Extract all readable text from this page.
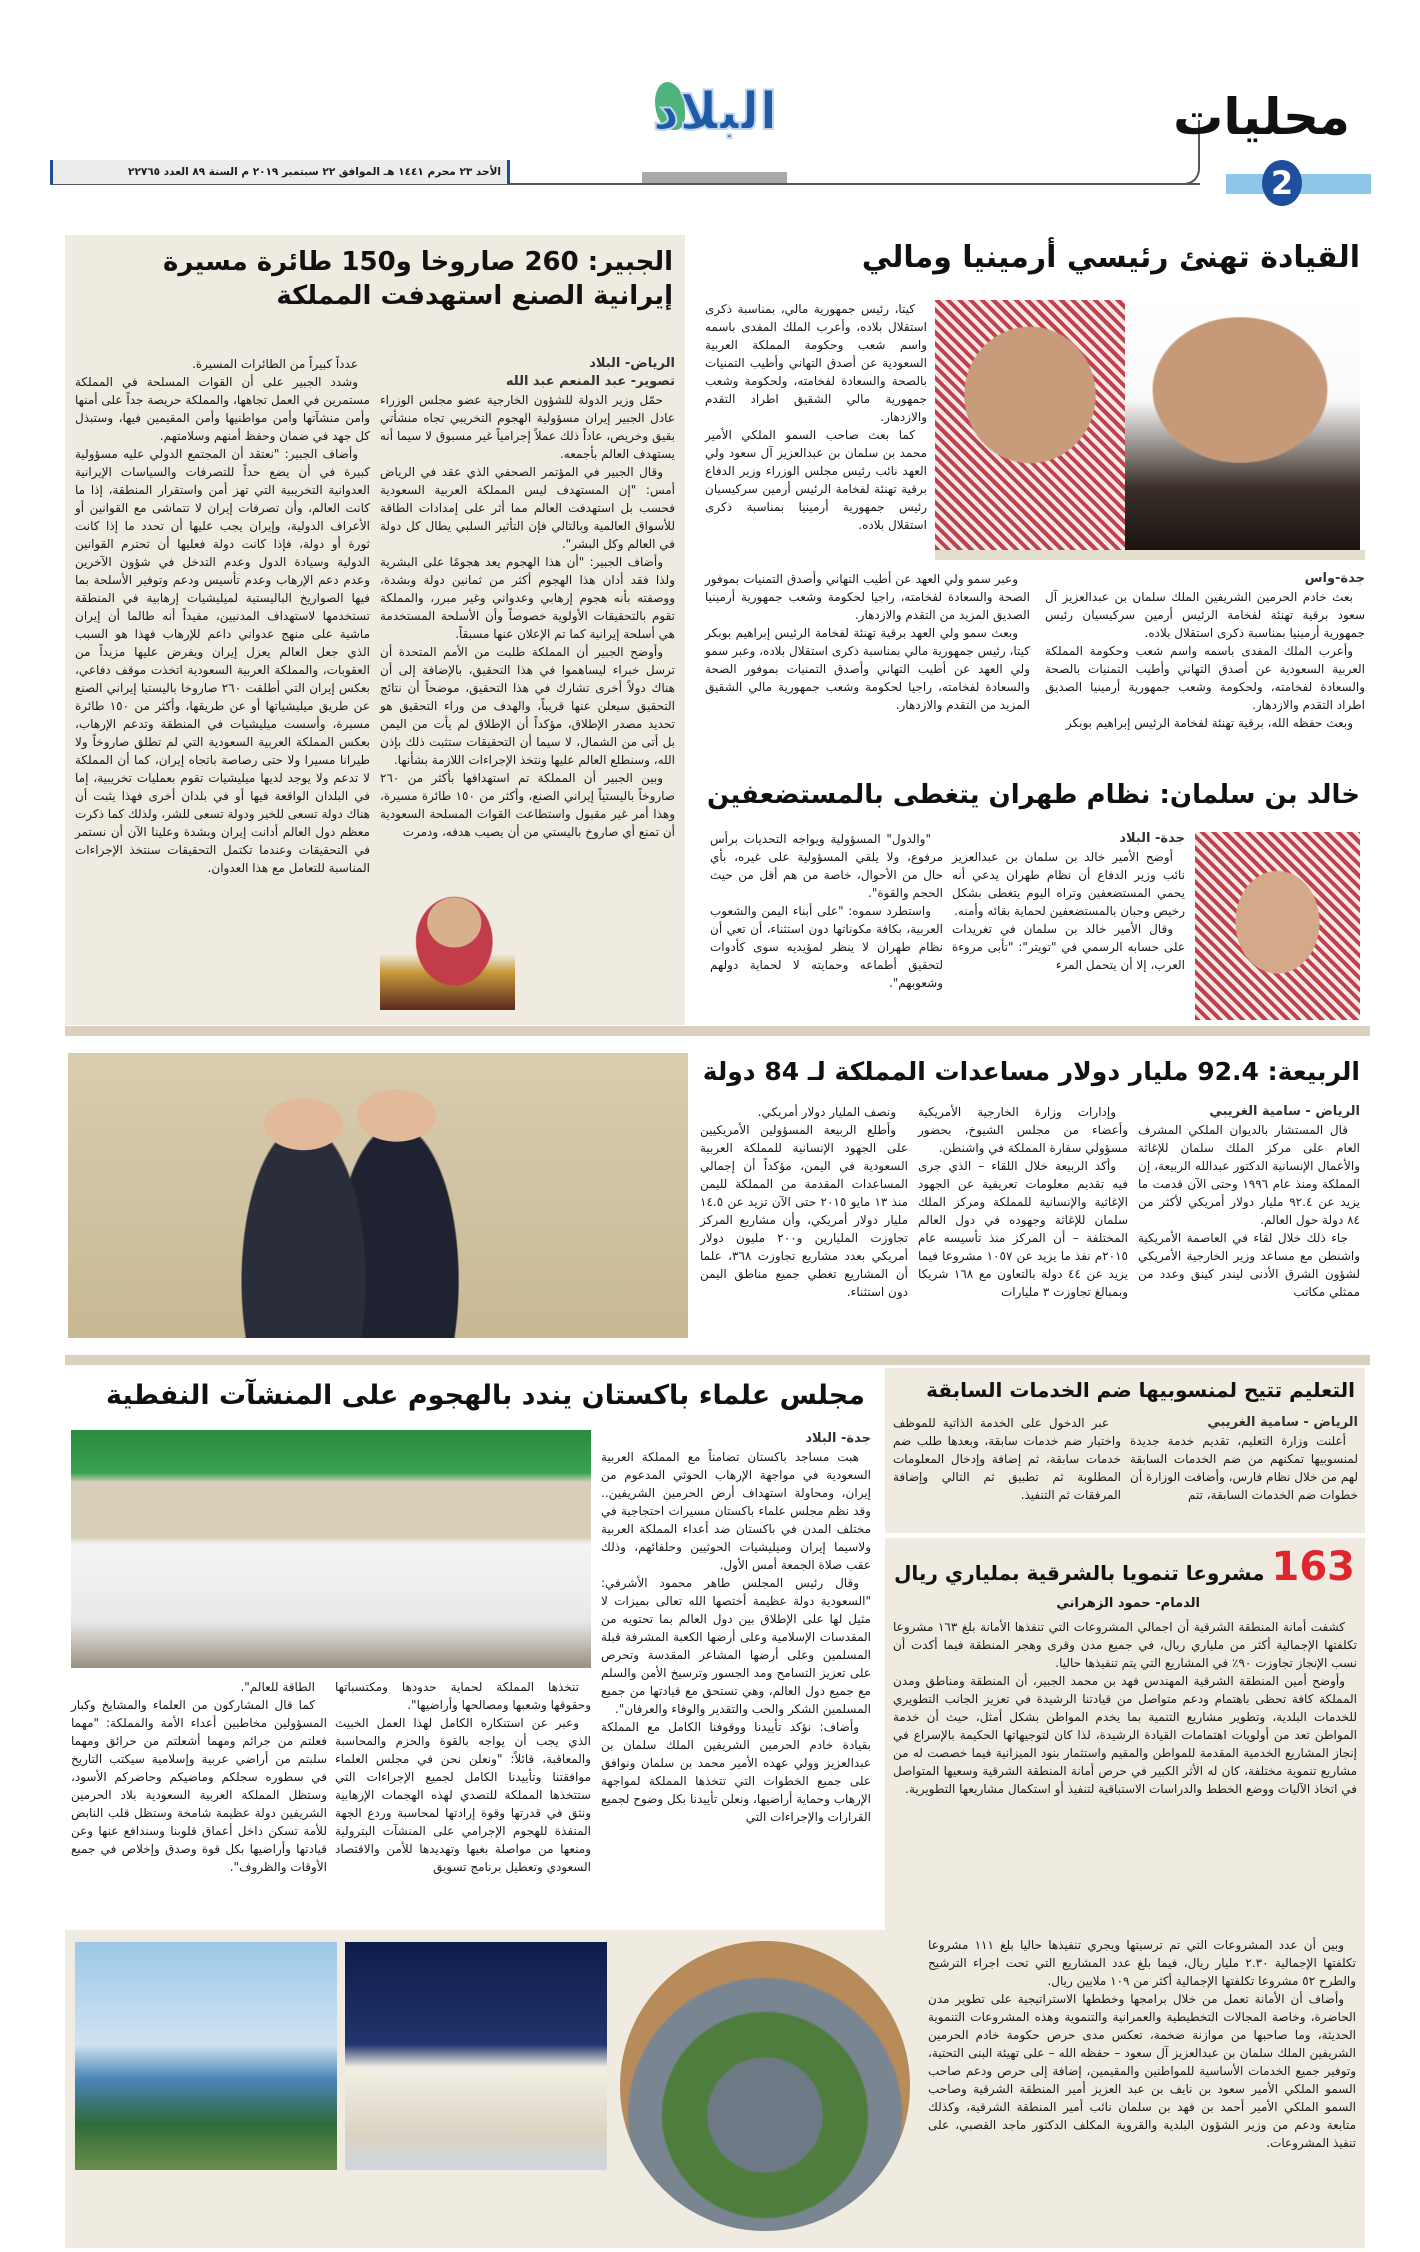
محليات
2
البلاد
الأحد ٢٣ محرم ١٤٤١ هـ الموافق ٢٢ سبتمبر ٢٠١٩ م السنة ٨٩ العدد ٢٢٧٦٥
القيادة تهنئ رئيسي أرمينيا ومالي

كيتا، رئيس جمهورية مالي، بمناسبة ذكرى استقلال بلاده، وأعرب الملك المفدى باسمه واسم شعب وحكومة المملكة العربية السعودية عن أصدق التهاني وأطيب التمنيات بالصحة والسعادة لفخامته، ولحكومة وشعب جمهورية مالي الشقيق اطراد التقدم والازدهار.

كما بعث صاحب السمو الملكي الأمير محمد بن سلمان بن عبدالعزيز آل سعود ولي العهد نائب رئيس مجلس الوزراء وزير الدفاع برقية تهنئة لفخامة الرئيس أرمين سركيسيان رئيس جمهورية أرمينيا بمناسبة ذكرى استقلال بلاده.

جدة-واس

بعث خادم الحرمين الشريفين الملك سلمان بن عبدالعزيز آل سعود برقية تهنئة لفخامة الرئيس أرمين سركيسيان رئيس جمهورية أرمينيا بمناسبة ذكرى استقلال بلاده.

وأعرب الملك المفدى باسمه واسم شعب وحكومة المملكة العربية السعودية عن أصدق التهاني وأطيب التمنيات بالصحة والسعادة لفخامته، ولحكومة وشعب جمهورية أرمينيا الصديق اطراد التقدم والازدهار.

وبعث حفظه الله، برقية تهنئة لفخامة الرئيس إبراهيم بوبكر

وعبر سمو ولي العهد عن أطيب التهاني وأصدق التمنيات بموفور الصحة والسعادة لفخامته، راجيا لحكومة وشعب جمهورية أرمينيا الصديق المزيد من التقدم والازدهار.

وبعث سمو ولي العهد برقية تهنئة لفخامة الرئيس إبراهيم بوبكر كيتا، رئيس جمهورية مالي بمناسبة ذكرى استقلال بلاده، وعبر سمو ولي العهد عن أطيب التهاني وأصدق التمنيات بموفور الصحة والسعادة لفخامته، راجيا لحكومة وشعب جمهورية مالي الشقيق المزيد من التقدم والازدهار.

الجبير: 260 صاروخا و150 طائرة مسيرة إيرانية الصنع استهدفت المملكة

الرياض- البلاد

تصوير- عبد المنعم عبد الله

حمّل وزير الدولة للشؤون الخارجية عضو مجلس الوزراء عادل الجبير إيران مسؤولية الهجوم التخريبي تجاه منشأتي بقيق وخريص، عاداً ذلك عملاً إجرامياً غير مسبوق لا سيما أنه يستهدف العالم بأجمعه.

وقال الجبير في المؤتمر الصحفي الذي عقد في الرياض أمس: "إن المستهدف ليس المملكة العربية السعودية فحسب بل استهدفت العالم مما أثر على إمدادات الطاقة للأسواق العالمية وبالتالي فإن التأثير السلبي يطال كل دولة في العالم وكل البشر".

وأضاف الجبير: "أن هذا الهجوم يعد هجومًا على البشرية ولذا فقد أدان هذا الهجوم أكثر من ثمانين دولة وبشدة، ووصفته بأنه هجوم إرهابي وعدواني وغير مبرر، والمملكة تقوم بالتحقيقات الأولوية خصوصاً وأن الأسلحة المستخدمة هي أسلحة إيرانية كما تم الإعلان عنها مسبقاً.

وأوضح الجبير أن المملكة طلبت من الأمم المتحدة أن ترسل خبراء ليساهموا في هذا التحقيق، بالإضافة إلى أن هناك دولاً أخرى تشارك في هذا التحقيق، موضحاً أن نتائج التحقيق سيعلن عنها قريباً، والهدف من وراء التحقيق هو تحديد مصدر الإطلاق، مؤكداً أن الإطلاق لم يأت من اليمن بل أتى من الشمال، لا سيما أن التحقيقات ستثبت ذلك بإذن الله، وسنطلع العالم عليها ونتخذ الإجراءات اللازمة بشأنها.

وبين الجبير أن المملكة تم استهدافها بأكثر من ٢٦٠ صاروخاً باليستياً إيراني الصنع، وأكثر من ١٥٠ طائرة مسيرة، وهذا أمر غير مقبول واستطاعت القوات المسلحة السعودية أن تمنع أي صاروخ باليستي من أن يصيب هدفه، ودمرت

عدداً كبيراً من الطائرات المسيرة.

وشدد الجبير على أن القوات المسلحة في المملكة مستمرين في العمل تجاهها، والمملكة حريصة جداً على أمنها وأمن منشآتها وأمن مواطنيها وأمن المقيمين فيها، وستبذل كل جهد في ضمان وحفظ أمنهم وسلامتهم.

وأضاف الجبير: "نعتقد أن المجتمع الدولي عليه مسؤولية كبيرة في أن يضع حداً للتصرفات والسياسات الإيرانية العدوانية التخريبية التي تهز أمن واستقرار المنطقة، إذا ما كانت العالم، وأن تصرفات إيران لا تتماشى مع القوانين أو الأعراف الدولية، وإيران يجب عليها أن تحدد ما إذا كانت ثورة أو دولة، فإذا كانت دولة فعليها أن تحترم القوانين الدولية وسيادة الدول وعدم التدخل في شؤون الآخرين وعدم دعم الإرهاب وعدم تأسيس ودعم وتوفير الأسلحة بما فيها الصواريخ الباليستية لميليشيات إرهابية في المنطقة تستخدمها لاستهداف المدنيين، مفيداً أنه طالما أن إيران ماشية على منهج عدواني داعم للإرهاب فهذا هو السبب الذي جعل العالم يعزل إيران ويفرض عليها مزيداً من العقوبات، والمملكة العربية السعودية اتخذت موقف دفاعي، بعكس إيران التي أطلقت ٢٦٠ صاروخا باليستيا إيراني الصنع عن طريق ميليشياتها أو عن طريقها، وأكثر من ١٥٠ طائرة مسيرة، وأسست ميليشيات في المنطقة وتدعم الإرهاب، بعكس المملكة العربية السعودية التي لم تطلق صاروخاً ولا طيرانا مسيرا ولا حتى رصاصة باتجاه إيران، كما أن المملكة لا تدعم ولا يوجد لديها ميليشيات تقوم بعمليات تخريبية، إما في البلدان الواقعة فيها أو في بلدان أخرى فهذا يثبت أن هناك دولة تسعى للخير ودولة تسعى للشر، ولذلك كما ذكرت معظم دول العالم أدانت إيران وبشدة وعلينا الآن أن نستمر في التحقيقات وعندما تكتمل التحقيقات سنتخذ الإجراءات المناسبة للتعامل مع هذا العدوان.

خالد بن سلمان: نظام طهران يتغطى بالمستضعفين

جدة- البلاد

أوضح الأمير خالد بن سلمان بن عبدالعزيز نائب وزير الدفاع أن نظام طهران يدعي أنه يحمي المستضعفين وتراه اليوم يتغطى بشكل رخيص وجبان بالمستضعفين لحماية بقائه وأمنه.

وقال الأمير خالد بن سلمان في تغريدات على حسابه الرسمي في "تويتر": "تأبى مروءة العرب، إلا أن يتحمل المرء

"والدول" المسؤولية ويواجه التحديات برأس مرفوع، ولا يلقي المسؤولية على غيره، بأي حال من الأحوال، خاصة من هم أقل من حيث الحجم والقوة".

واستطرد سموه: "على أبناء اليمن والشعوب العربية، بكافة مكوناتها دون استثناء، أن تعي أن نظام طهران لا ينظر لمؤيديه سوى كأدوات لتحقيق أطماعه وحمايته لا لحماية دولهم وشعوبهم".

الربيعة: 92.4 مليار دولار مساعدات المملكة لـ 84 دولة

الرياض - سامية الغريبي

قال المستشار بالديوان الملكي المشرف العام على مركز الملك سلمان للإغاثة والأعمال الإنسانية الدكتور عبدالله الربيعة، إن المملكة ومنذ عام ١٩٩٦ وحتى الآن قدمت ما يزيد عن ٩٢.٤ مليار دولار أمريكي لأكثر من ٨٤ دولة حول العالم.

جاء ذلك خلال لقاء في العاصمة الأمريكية واشنطن مع مساعد وزير الخارجية الأمريكي لشؤون الشرق الأدنى ليندر كينق وعدد من ممثلي مكاتب

وإدارات وزارة الخارجية الأمريكية وأعضاء من مجلس الشيوخ، بحضور مسؤولي سفارة المملكة في واشنطن.

وأكد الربيعة خلال اللقاء – الذي جرى فيه تقديم معلومات تعريفية عن الجهود الإغاثية والإنسانية للمملكة ومركز الملك سلمان للإغاثة وجهوده في دول العالم المختلفة – أن المركز منذ تأسيسه عام ٢٠١٥م نفذ ما يزيد عن ١٠٥٧ مشروعا فيما يزيد عن ٤٤ دولة بالتعاون مع ١٦٨ شريكا وبمبالغ تجاوزت ٣ مليارات

ونصف المليار دولار أمريكي.

وأطلع الربيعة المسؤولين الأمريكيين على الجهود الإنسانية للمملكة العربية السعودية في اليمن، مؤكداً أن إجمالي المساعدات المقدمة من المملكة لليمن منذ ١٣ مايو ٢٠١٥ حتى الآن تزيد عن ١٤.٥ مليار دولار أمريكي، وأن مشاريع المركز تجاوزت المليارين و٢٠٠ مليون دولار أمريكي بعدد مشاريع تجاوزت ٣٦٨، علما أن المشاريع تغطي جميع مناطق اليمن دون استثناء.

مجلس علماء باكستان يندد بالهجوم على المنشآت النفطية

جدة- البلاد

هبت مساجد باكستان تضامناً مع المملكة العربية السعودية في مواجهة الإرهاب الحوثي المدعوم من إيران، ومحاولة استهداف أرض الحرمين الشريفين.. وقد نظم مجلس علماء باكستان مسيرات احتجاجية في مختلف المدن في باكستان ضد أعداء المملكة العربية ولاسيما إيران وميليشيات الحوثيين وحلفائهم، وذلك عقب صلاة الجمعة أمس الأول.

وقال رئيس المجلس طاهر محمود الأشرفي: "السعودية دولة عظيمة أختصها الله تعالى بميزات لا مثيل لها على الإطلاق بين دول العالم بما تحتويه من المقدسات الإسلامية وعلى أرضها الكعبة المشرفة قبلة المسلمين وعلى أرضها المشاعر المقدسة وتحرص على تعزيز التسامح ومد الجسور وترسيخ الأمن والسلم مع جميع دول العالم، وهي تستحق مع قيادتها من جميع المسلمين الشكر والحب والتقدير والوفاء والعرفان".

وأضاف: نؤكد تأييدنا ووقوفنا الكامل مع المملكة بقيادة خادم الحرمين الشريفين الملك سلمان بن عبدالعزيز وولي عهده الأمير محمد بن سلمان ونوافق على جميع الخطوات التي تتخذها المملكة لمواجهة الإرهاب وحماية أراضيها، ونعلن تأييدنا بكل وضوح لجميع القرارات والإجراءات التي

تتخذها المملكة لحماية حدودها ومكتسباتها وحقوقها وشعبها ومصالحها وأراضيها".

وعبر عن استنكاره الكامل لهذا العمل الخبيث الذي يجب أن يواجه بالقوة والحزم والمحاسبة والمعاقبة، قائلاً: "ونعلن نحن في مجلس العلماء موافقتنا وتأييدنا الكامل لجميع الإجراءات التي ستتخذها المملكة للتصدي لهذه الهجمات الإرهابية ونثق في قدرتها وقوة إرادتها لمحاسبة وردع الجهة المنفذة للهجوم الإجرامي على المنشآت البترولية ومنعها من مواصلة بغيها وتهديدها للأمن والاقتصاد السعودي وتعطيل برنامج تسويق

الطاقة للعالم".

كما قال المشاركون من العلماء والمشايخ وكبار المسؤولين مخاطبين أعداء الأمة والمملكة: "مهما فعلتم من جرائم ومهما أشعلتم من حرائق ومهما سلبتم من أراضي عربية وإسلامية سيكتب التاريخ في سطوره سجلكم وماضيكم وحاضركم الأسود، وستظل المملكة العربية السعودية بلاد الحرمين الشريفين دولة عظيمة شامخة وستظل قلب النابض للأمة تسكن داخل أعماق قلوبنا وسندافع عنها وعن قيادتها وأراضيها بكل قوة وصدق وإخلاص في جميع الأوقات والظروف".

التعليم تتيح لمنسوبيها ضم الخدمات السابقة

الرياض - سامية الغريبي

أعلنت وزارة التعليم، تقديم خدمة جديدة لمنسوبيها تمكنهم من ضم الخدمات السابقة لهم من خلال نظام فارس، وأضافت الوزارة أن خطوات ضم الخدمات السابقة، تتم

عبر الدخول على الخدمة الذاتية للموظف واختيار ضم خدمات سابقة، وبعدها طلب ضم خدمات سابقة، ثم إضافة وإدخال المعلومات المطلوبة ثم تطبيق ثم التالي وإضافة المرفقات ثم التنفيذ.

163 مشروعا تنمويا بالشرقية بملياري ريال
الدمام- حمود الزهراني

كشفت أمانة المنطقة الشرقية أن اجمالي المشروعات التي تنفذها الأمانة بلغ ١٦٣ مشروعا تكلفتها الإجمالية أكثر من ملياري ريال، في جميع مدن وقرى وهجر المنطقة فيما أكدت أن نسب الإنجاز تجاوزت ٩٠٪ في المشاريع التي يتم تنفيذها حاليا.

وأوضح أمين المنطقة الشرقية المهندس فهد بن محمد الجبير، أن المنطقة ومناطق ومدن المملكة كافة تحظى باهتمام ودعم متواصل من قيادتنا الرشيدة في تعزيز الجانب التطويري للخدمات البلدية، وتطوير مشاريع التنمية بما يخدم المواطن بشكل أمثل، حيث أن خدمة المواطن تعد من أولويات اهتمامات القيادة الرشيدة، لذا كان لتوجيهاتها الحكيمة بالإسراع في إنجاز المشاريع الخدمية المقدمة للمواطن والمقيم واستثمار بنود الميزانية فيما خصصت له من مشاريع تنموية مختلفة، كان له الأثر الكبير في حرص أمانة المنطقة الشرقية وسعيها المتواصل في اتخاذ الآليات ووضع الخطط والدراسات الاستباقية لتنفيذ أو استكمال مشاريعها التطويرية.

وبين أن عدد المشروعات التي تم ترسيتها ويجري تنفيذها حاليا بلغ ١١١ مشروعا تكلفتها الإجمالية ٢.٣٠ مليار ريال، فيما بلغ عدد المشاريع التي تحت اجراء الترشيح والطرح ٥٢ مشروعا تكلفتها الإجمالية أكثر من ١٠٩ ملايين ريال.

وأضاف أن الأمانة تعمل من خلال برامجها وخططها الاستراتيجية على تطوير مدن الحاضرة، وخاصة المجالات التخطيطية والعمرانية والتنموية وهذه المشروعات التنموية الحديثة، وما صاحبها من موازنة ضخمة، تعكس مدى حرص حكومة خادم الحرمين الشريفين الملك سلمان بن عبدالعزيز آل سعود – حفظه الله – على تهيئة البنى التحتية، وتوفير جميع الخدمات الأساسية للمواطنين والمقيمين، إضافة إلى حرص ودعم صاحب السمو الملكي الأمير سعود بن نايف بن عبد العزيز أمير المنطقة الشرقية وصاحب السمو الملكي الأمير أحمد بن فهد بن سلمان نائب أمير المنطقة الشرقية، وكذلك متابعة ودعم من وزير الشؤون البلدية والقروية المكلف الدكتور ماجد القصبي، على تنفيذ المشروعات.
